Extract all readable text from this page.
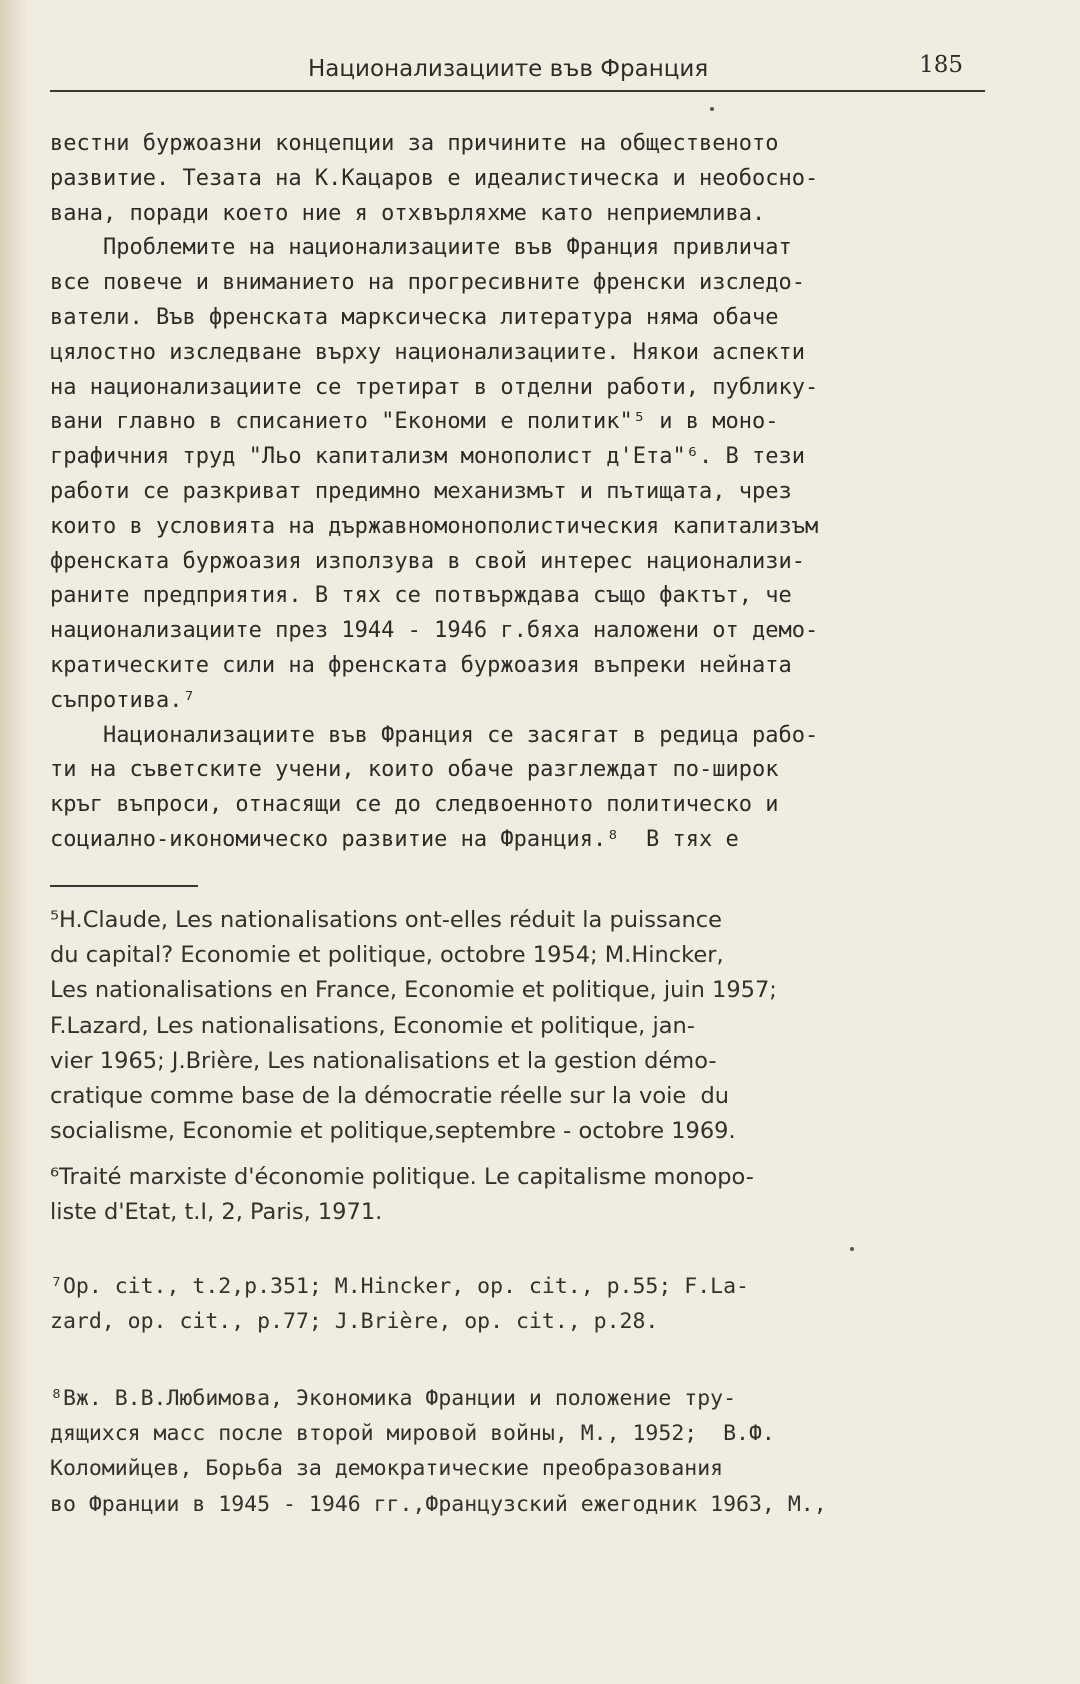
Национализациите във Франция	185
вестни буржоазни концепции за причините на общественото
развитие. Тезата на К.Кацаров е идеалистическа и необосно-
вана, поради което ние я отхвърляхме като неприемлива.
Проблемите на национализациите във Франция привличат
все повече и вниманието на прогресивните френски изследо-
ватели. Във френската марксическа литература няма обаче
цялостно изследване върху национализациите. Някои аспекти
на национализациите се третират в отделни работи, публику-
вани главно в списанието "Економи е политик"⁵ и в моно-
графичния труд "Льо капитализм монополист д'Ета"⁶. В тези
работи се разкриват предимно механизмът и пътищата, чрез
които в условията на държавномонополистическия капитализъм
френската буржоазия използува в свой интерес национализи-
раните предприятия. В тях се потвърждава също фактът, че
национализациите през 1944 - 1946 г.бяха наложени от демо-
кратическите сили на френската буржоазия въпреки нейната
съпротива.⁷
Национализациите във Франция се засягат в редица рабо-
ти на съветските учени, които обаче разглеждат по-широк
кръг въпроси, отнасящи се до следвоенното политическо и
социално-икономическо развитие на Франция.⁸  В тях е
⁵H.Claude, Les nationalisations ont-elles réduit la puissance
du capital? Economie et politique, octobre 1954; M.Hincker,
Les nationalisations en France, Economie et politique, juin 1957;
F.Lazard, Les nationalisations, Economie et politique, jan-
vier 1965; J.Brière, Les nationalisations et la gestion démo-
cratique comme base de la démocratie réelle sur la voie  du
socialisme, Economie et politique,septembre - octobre 1969.
⁶Traité marxiste d'économie politique. Le capitalisme monopo-
liste d'Etat, t.I, 2, Paris, 1971.
⁷Op. cit., t.2,p.351; M.Hincker, op. cit., p.55; F.La-
zard, op. cit., p.77; J.Brière, op. cit., p.28.
⁸Вж. В.В.Любимова, Экономика Франции и положение тру-
дящихся масс после второй мировой войны, М., 1952;  В.Ф.
Коломийцев, Борьба за демократические преобразования
во Франции в 1945 - 1946 гг.,Французский ежегодник 1963, М.,
